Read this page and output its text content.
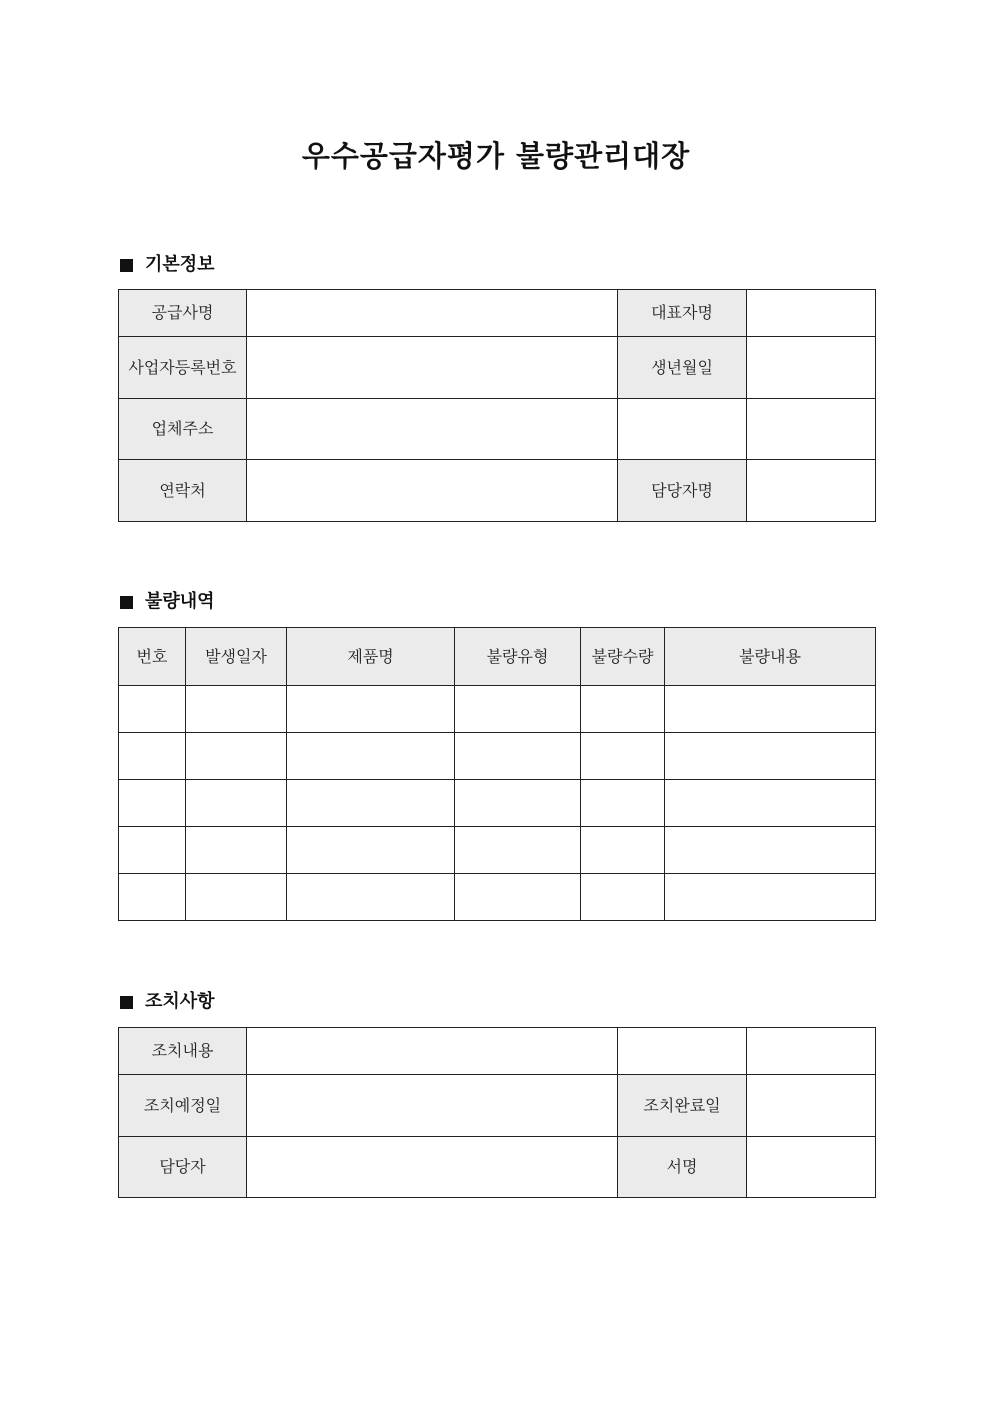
우수공급자평가 불량관리대장
기본정보
공급사명		대표자명	
사업자등록번호		생년월일	
업체주소			
연락처		담당자명	
불량내역
번호	발생일자	제품명	불량유형	불량수량	불량내용

조치사항
조치내용			
조치예정일		조치완료일	
담당자		서명	
